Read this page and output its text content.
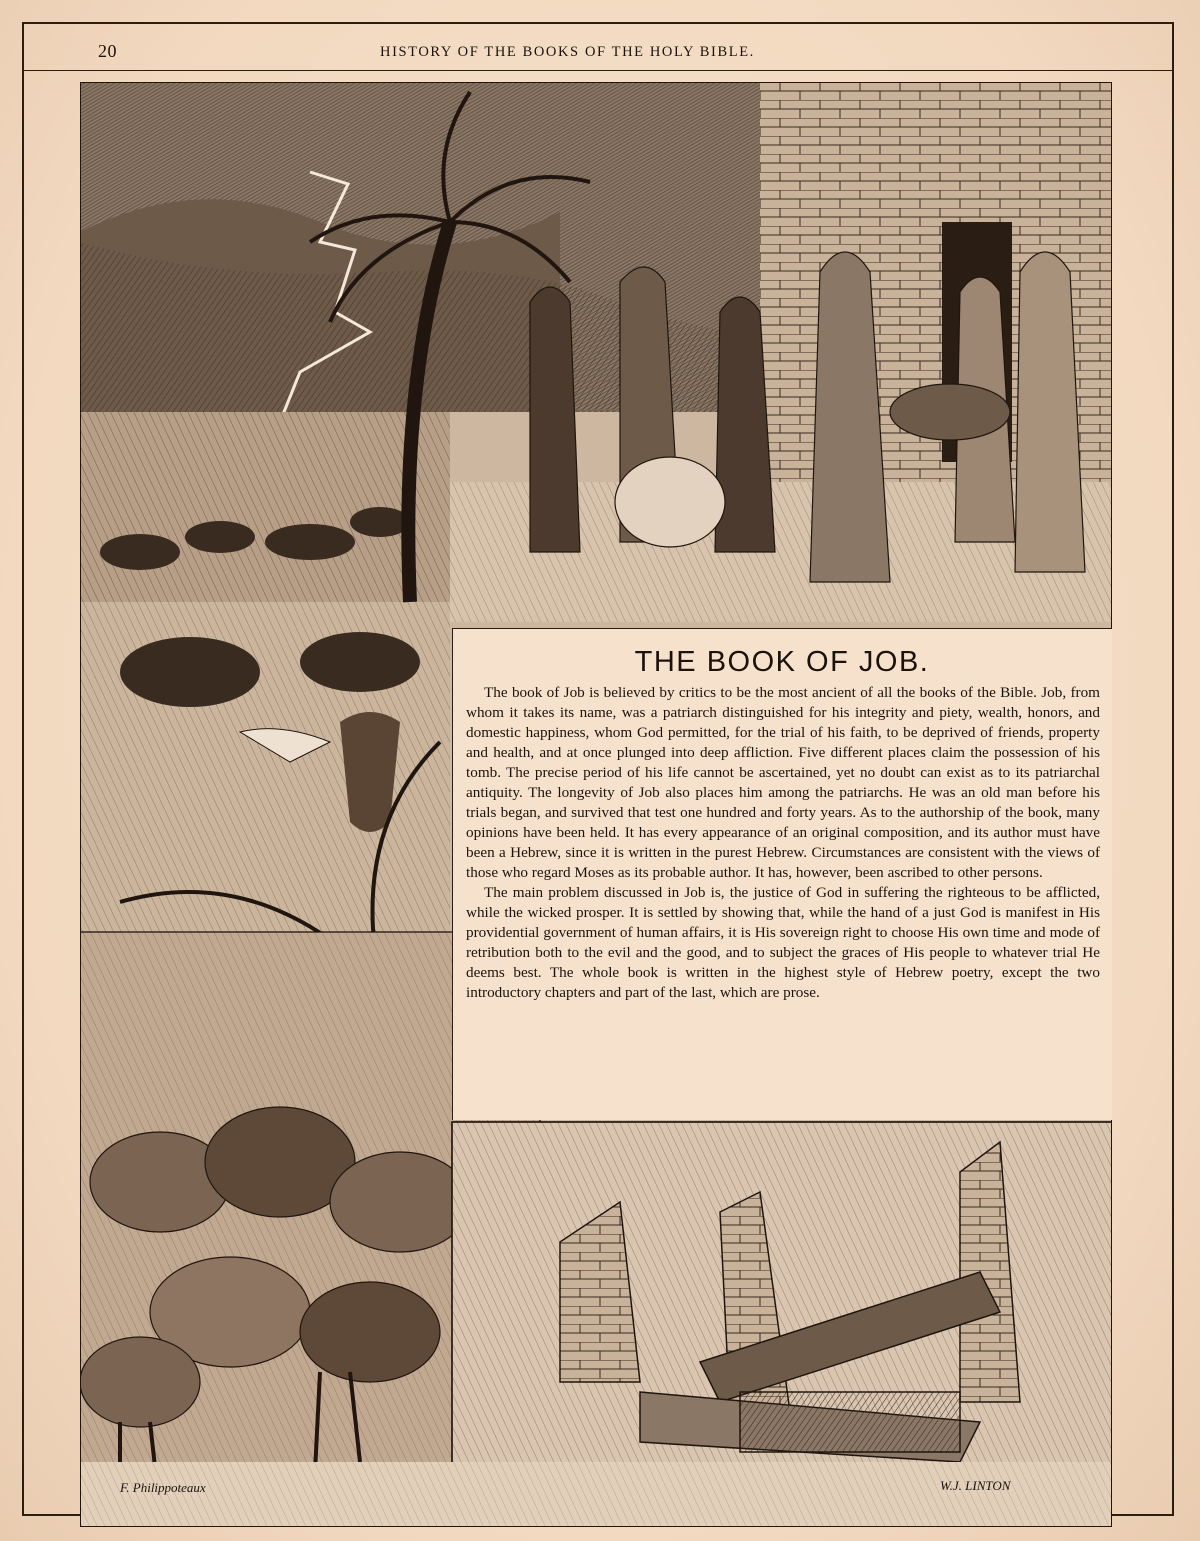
20	HISTORY OF THE BOOKS OF THE HOLY BIBLE.
THE BOOK OF JOB.

The book of Job is believed by critics to be the most ancient of all the books of the Bible. Job, from whom it takes its name, was a patriarch distinguished for his integrity and piety, wealth, honors, and domestic happiness, whom God permitted, for the trial of his faith, to be deprived of friends, property and health, and at once plunged into deep affliction. Five different places claim the possession of his tomb. The precise period of his life cannot be ascertained, yet no doubt can exist as to its patriarchal antiquity. The longevity of Job also places him among the patriarchs. He was an old man before his trials began, and survived that test one hundred and forty years. As to the authorship of the book, many opinions have been held. It has every appearance of an original composition, and its author must have been a Hebrew, since it is written in the purest Hebrew. Circumstances are consistent with the views of those who regard Moses as its probable author. It has, however, been ascribed to other persons.

The main problem discussed in Job is, the justice of God in suffering the righteous to be afflicted, while the wicked prosper. It is settled by showing that, while the hand of a just God is manifest in His providential government of human affairs, it is His sovereign right to choose His own time and mode of retribution both to the evil and the good, and to subject the graces of His people to whatever trial He deems best. The whole book is written in the highest style of Hebrew poetry, except the two introductory chapters and part of the last, which are prose.

F. Philippoteaux	W.J. LINTON
